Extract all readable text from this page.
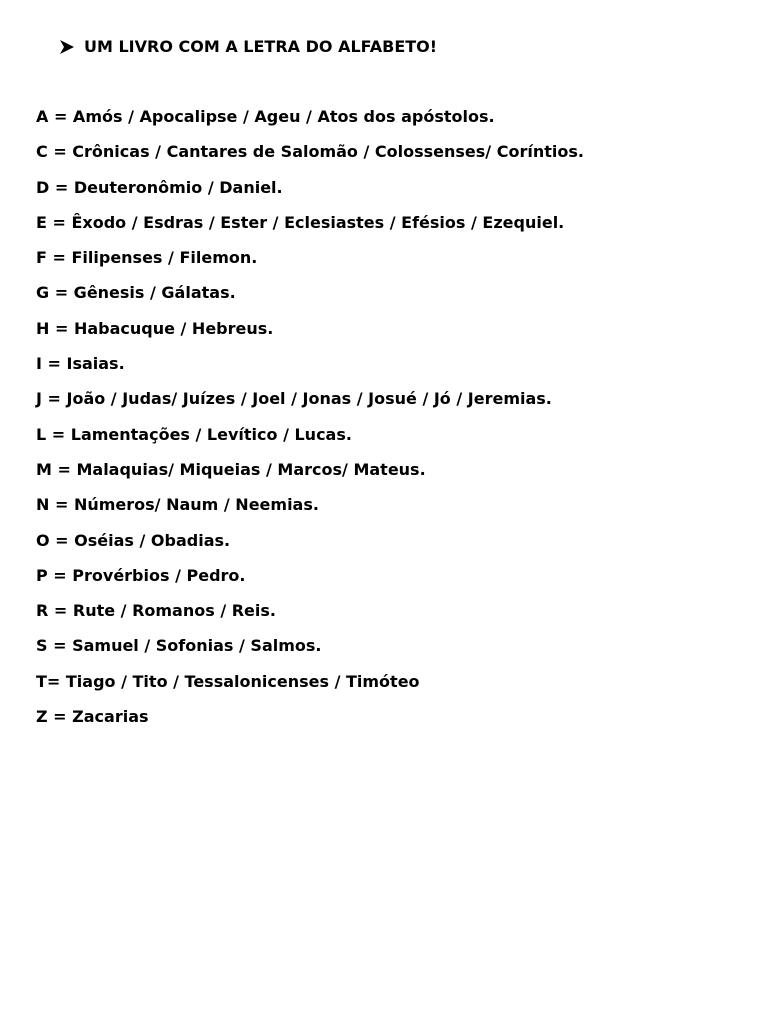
UM LIVRO COM A LETRA DO ALFABETO!
A = Amós / Apocalipse / Ageu / Atos dos apóstolos.
C = Crônicas / Cantares de Salomão / Colossenses/ Coríntios.
D = Deuteronômio / Daniel.
E = Êxodo / Esdras / Ester / Eclesiastes / Efésios / Ezequiel.
F = Filipenses / Filemon.
G = Gênesis / Gálatas.
H = Habacuque / Hebreus.
I = Isaias.
J = João / Judas/ Juízes / Joel / Jonas / Josué / Jó / Jeremias.
L = Lamentações / Levítico / Lucas.
M = Malaquias/ Miqueias / Marcos/ Mateus.
N = Números/ Naum / Neemias.
O = Oséias / Obadias.
P = Provérbios / Pedro.
R = Rute / Romanos / Reis.
S = Samuel / Sofonias / Salmos.
T= Tiago / Tito / Tessalonicenses / Timóteo
Z = Zacarias
